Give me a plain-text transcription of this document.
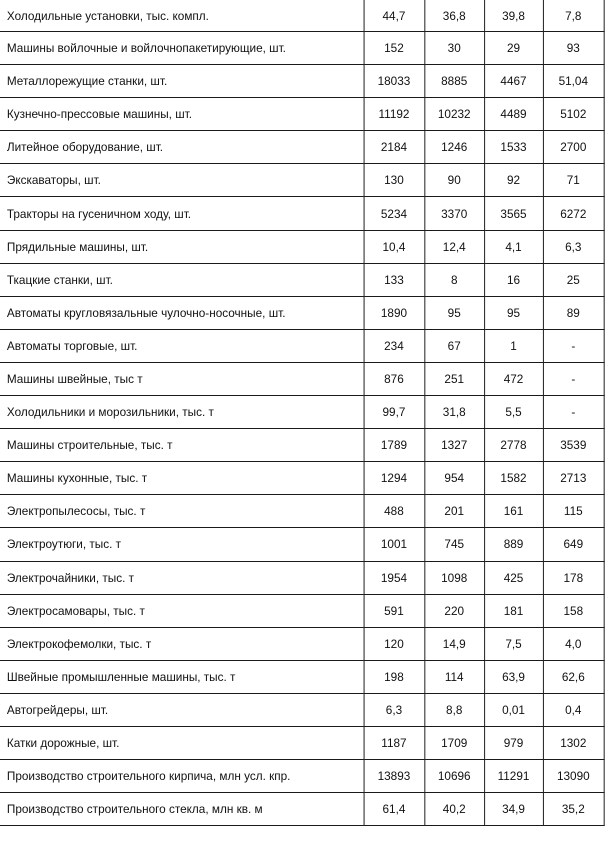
Холодильные установки, тыс. компл.	44,7	36,8	39,8	7,8
Машины войлочные и войлочнопакетирующие, шт.	152	30	29	93
Металлорежущие станки, шт.	18033	8885	4467	51,04
Кузнечно-прессовые машины, шт.	11192	10232	4489	5102
Литейное оборудование, шт.	2184	1246	1533	2700
Экскаваторы, шт.	130	90	92	71
Тракторы на гусеничном ходу, шт.	5234	3370	3565	6272
Прядильные машины, шт.	10,4	12,4	4,1	6,3
Ткацкие станки, шт.	133	8	16	25
Автоматы кругловязальные чулочно-носочные, шт.	1890	95	95	89
Автоматы торговые, шт.	234	67	1	-
Машины швейные, тыс т	876	251	472	-
Холодильники и морозильники, тыс. т	99,7	31,8	5,5	-
Машины строительные, тыс. т	1789	1327	2778	3539
Машины кухонные, тыс. т	1294	954	1582	2713
Электропылесосы, тыс. т	488	201	161	115
Электроутюги, тыс. т	1001	745	889	649
Электрочайники, тыс. т	1954	1098	425	178
Электросамовары, тыс. т	591	220	181	158
Электрокофемолки, тыс. т	120	14,9	7,5	4,0
Швейные промышленные машины, тыс. т	198	114	63,9	62,6
Автогрейдеры, шт.	6,3	8,8	0,01	0,4
Катки дорожные, шт.	1187	1709	979	1302
Производство строительного кирпича, млн усл. кпр.	13893	10696	11291	13090
Производство строительного стекла, млн кв. м	61,4	40,2	34,9	35,2
